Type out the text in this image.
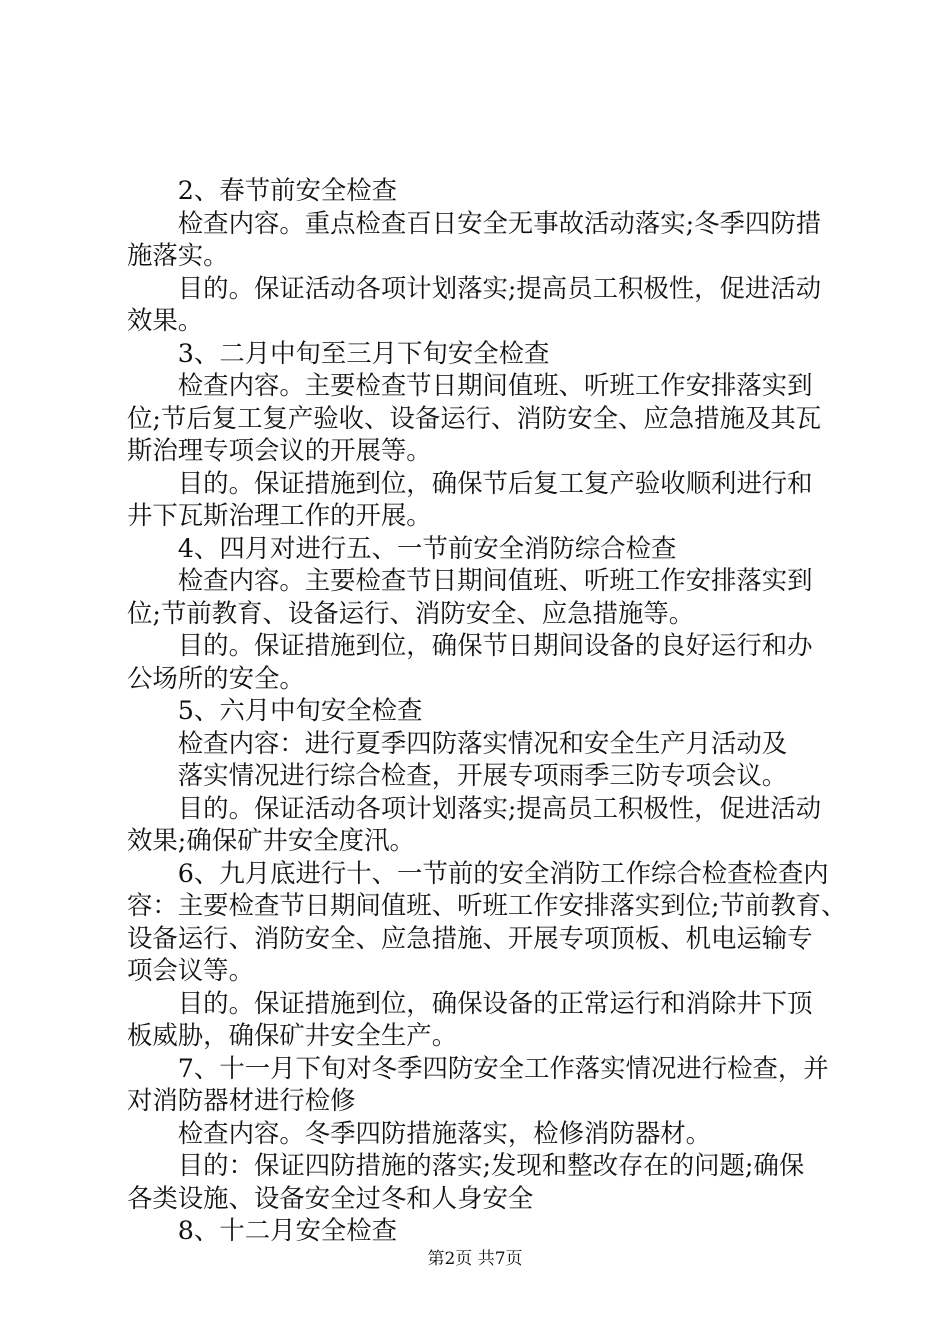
　　2、春节前安全检查
　　检查内容。重点检查百日安全无事故活动落实;冬季四防措
施落实。
　　目的。保证活动各项计划落实;提高员工积极性，促进活动
效果。
　　3、二月中旬至三月下旬安全检查
　　检查内容。主要检查节日期间值班、听班工作安排落实到
位;节后复工复产验收、设备运行、消防安全、应急措施及其瓦
斯治理专项会议的开展等。
　　目的。保证措施到位，确保节后复工复产验收顺利进行和
井下瓦斯治理工作的开展。
　　4、四月对进行五、一节前安全消防综合检查
　　检查内容。主要检查节日期间值班、听班工作安排落实到
位;节前教育、设备运行、消防安全、应急措施等。
　　目的。保证措施到位，确保节日期间设备的良好运行和办
公场所的安全。
　　5、六月中旬安全检查
　　检查内容：进行夏季四防落实情况和安全生产月活动及
　　落实情况进行综合检查，开展专项雨季三防专项会议。
　　目的。保证活动各项计划落实;提高员工积极性，促进活动
效果;确保矿井安全度汛。
　　6、九月底进行十、一节前的安全消防工作综合检查检查内
容：主要检查节日期间值班、听班工作安排落实到位;节前教育、
设备运行、消防安全、应急措施、开展专项顶板、机电运输专
项会议等。
　　目的。保证措施到位，确保设备的正常运行和消除井下顶
板威胁，确保矿井安全生产。
　　7、十一月下旬对冬季四防安全工作落实情况进行检查，并
对消防器材进行检修
　　检查内容。冬季四防措施落实，检修消防器材。
　　目的：保证四防措施的落实;发现和整改存在的问题;确保
各类设施、设备安全过冬和人身安全
　　8、十二月安全检查
第2页 共7页
